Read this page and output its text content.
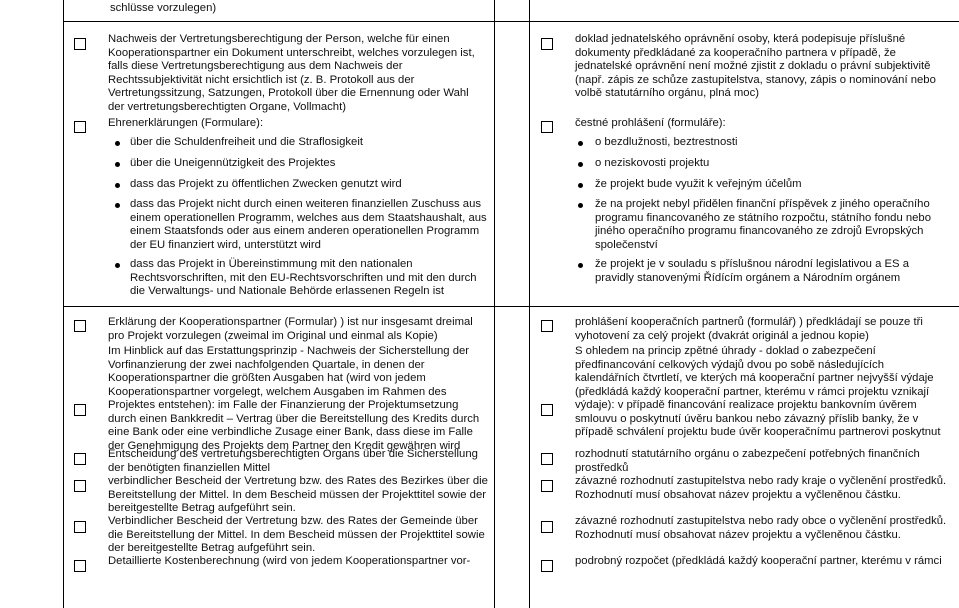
schlüsse vorzulegen)
Nachweis der Vertretungsberechtigung der Person, welche für einen Kooperationspartner ein Dokument unterschreibt, welches vorzulegen ist, falls diese Vertretungsberechtigung aus dem Nachweis der Rechtssubjektivität nicht ersichtlich ist (z. B. Protokoll aus der Vertretungssitzung, Satzungen, Protokoll über die Ernennung oder Wahl der vertretungsberechtigten Organe, Vollmacht)
Ehrenerklärungen (Formulare):
über die Schuldenfreiheit und die Straflosigkeit
über die Uneigennützigkeit des Projektes
dass das Projekt zu öffentlichen Zwecken genutzt wird
dass das Projekt nicht durch einen weiteren finanziellen Zuschuss aus einem operationellen Programm, welches aus dem Staatshaushalt, aus einem Staatsfonds oder aus einem anderen operationellen Programm der EU finanziert wird, unterstützt wird
dass das Projekt in Übereinstimmung mit den nationalen Rechtsvorschriften, mit den EU-Rechtsvorschriften und mit den durch die Verwaltungs- und Nationale Behörde erlassenen Regeln ist
Erklärung der Kooperationspartner (Formular) ) ist nur insgesamt dreimal pro Projekt vorzulegen (zweimal im Original und einmal als Kopie)
Im Hinblick auf das Erstattungsprinzip - Nachweis der Sicherstellung der Vorfinanzierung der zwei nachfolgenden Quartale, in denen der Kooperationspartner die größten Ausgaben hat (wird von jedem Kooperationspartner vorgelegt, welchem Ausgaben im Rahmen des Projektes entstehen): im Falle der Finanzierung der Projektumsetzung durch einen Bankkredit – Vertrag über die Bereitstellung des Kredits durch eine Bank oder eine verbindliche Zusage einer Bank, dass diese im Falle der Genehmigung des Projekts dem Partner den Kredit gewähren wird
Entscheidung des vertretungsberechtigten Organs über die Sicherstellung der benötigten finanziellen Mittel
verbindlicher Bescheid der Vertretung bzw. des Rates des Bezirkes über die Bereitstellung der Mittel. In dem Bescheid müssen der Projekttitel sowie der bereitgestellte Betrag aufgeführt sein.
Verbindlicher Bescheid der Vertretung bzw. des Rates der Gemeinde über die Bereitstellung der Mittel. In dem Bescheid müssen der Projekttitel sowie der bereitgestellte Betrag aufgeführt sein.
Detaillierte Kostenberechnung (wird von jedem Kooperationspartner vor-
doklad jednatelského oprávnění osoby, která podepisuje příslušné dokumenty předkládané za kooperačního partnera v případě, že jednatelské oprávnění není možné zjistit z dokladu o právní subjektivitě (např. zápis ze schůze zastupitelstva, stanovy, zápis o nominování nebo volbě statutárního orgánu, plná moc)
čestné prohlášení (formuláře):
o bezdlužnosti, beztrestnosti
o neziskovosti projektu
že projekt bude využit k veřejným účelům
že na projekt nebyl přidělen finanční příspěvek z jiného operačního programu financovaného ze státního rozpočtu, státního fondu nebo jiného operačního programu financovaného ze zdrojů Evropských společenství
že projekt je v souladu s příslušnou národní legislativou a ES a pravidly stanovenými Řídícím orgánem a Národním orgánem
prohlášení kooperačních partnerů (formulář) ) předkládají se pouze tři vyhotovení za celý projekt (dvakrát originál a jednou kopie)
S ohledem na princip zpětné úhrady - doklad o zabezpečení předfinancování celkových výdajů dvou po sobě následujících kalendářních čtvrtletí, ve kterých má kooperační partner nejvyšší výdaje (předkládá každý kooperační partner, kterému v rámci projektu vznikají výdaje): v případě financování realizace projektu bankovním úvěrem smlouvu o poskytnutí úvěru bankou nebo závazný příslib banky, že v případě schválení projektu bude úvěr kooperačnímu partnerovi poskytnut
rozhodnutí statutárního orgánu o zabezpečení potřebných finančních prostředků
závazné rozhodnutí zastupitelstva nebo rady kraje o vyčlenění prostředků. Rozhodnutí musí obsahovat název projektu a vyčleněnou částku.
závazné rozhodnutí zastupitelstva nebo rady obce o vyčlenění prostředků. Rozhodnutí musí obsahovat název projektu a vyčleněnou částku.
podrobný rozpočet (předkládá každý kooperační partner, kterému v rámci
